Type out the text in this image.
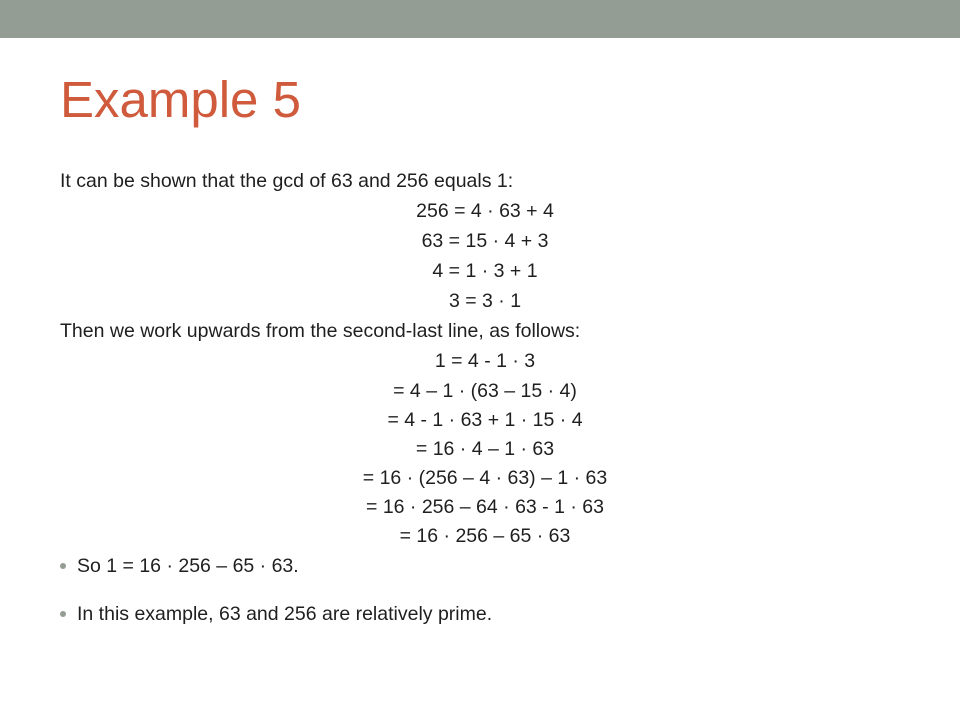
Example 5
It can be shown that the gcd of 63 and 256 equals 1:
256 = 4 · 63 + 4
63 = 15 · 4 + 3
4 = 1 · 3 + 1
3 = 3 · 1
Then we work upwards from the second-last line, as follows:
1 = 4 - 1 · 3
= 4 – 1 · (63 – 15 · 4)
= 4 - 1 · 63 + 1 · 15 · 4
= 16 · 4 – 1 · 63
= 16 · (256 – 4 · 63) – 1 · 63
= 16 · 256 – 64 · 63 - 1 · 63
= 16 · 256 – 65 · 63
So 1 = 16 · 256 – 65 · 63.
In this example, 63 and 256 are relatively prime.
